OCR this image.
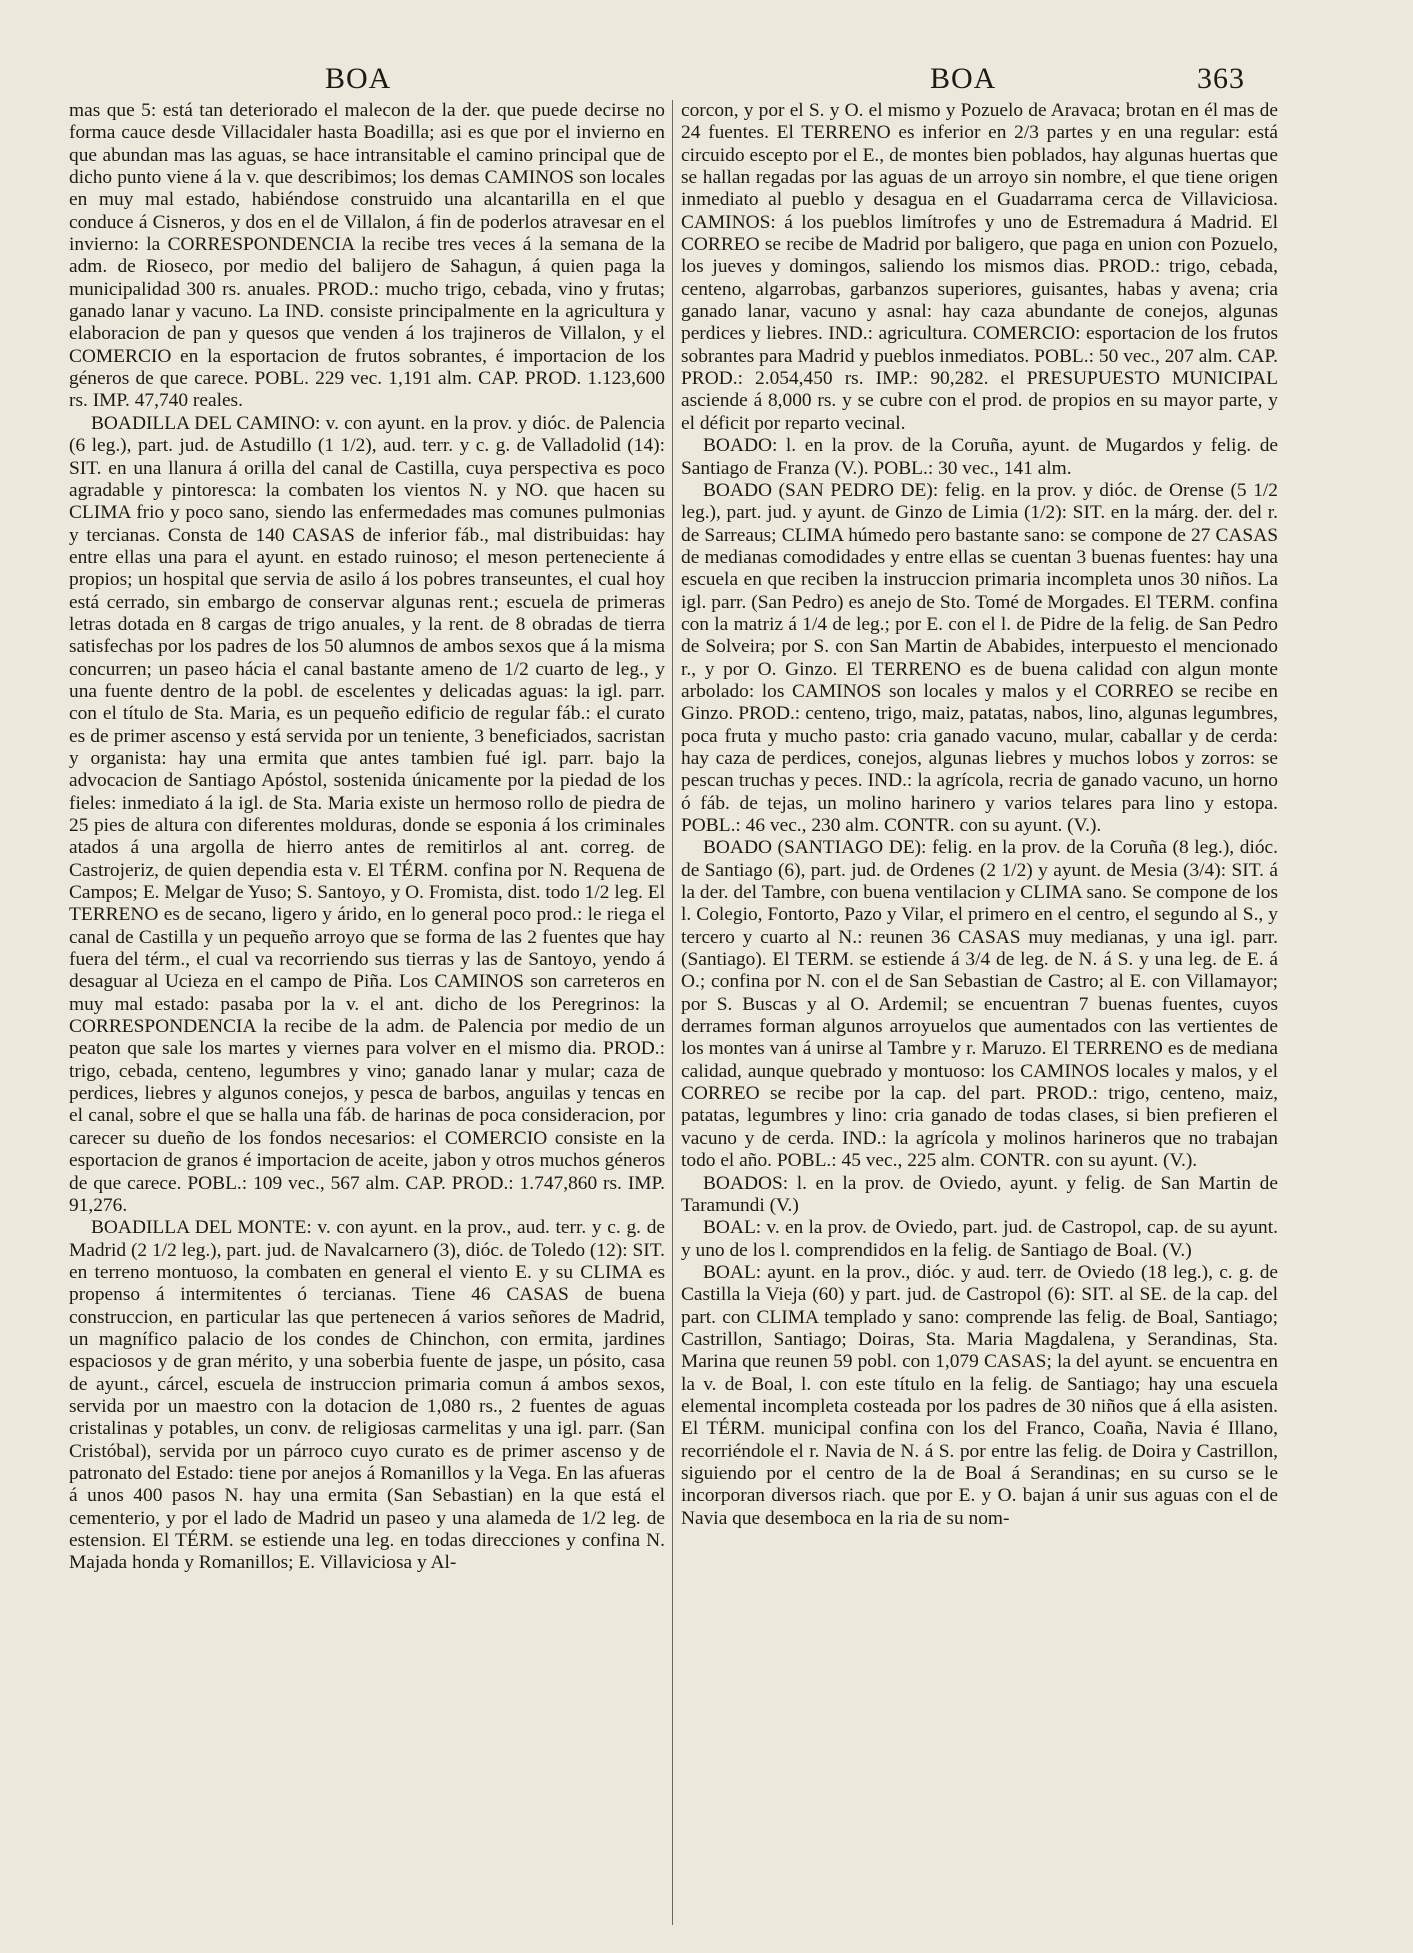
BOA	BOA	363

mas que 5: está tan deteriorado el malecon de la der. que puede decirse no forma cauce desde Villacidaler hasta Boadilla; asi es que por el invierno en que abundan mas las aguas, se hace intransitable el camino principal que de dicho punto viene á la v. que describimos; los demas CAMINOS son locales en muy mal estado, habiéndose construido una alcantarilla en el que conduce á Cisneros, y dos en el de Villalon, á fin de poderlos atravesar en el invierno: la CORRESPONDENCIA la recibe tres veces á la semana de la adm. de Rioseco, por medio del balijero de Sahagun, á quien paga la municipalidad 300 rs. anuales. PROD.: mucho trigo, cebada, vino y frutas; ganado lanar y vacuno. La IND. consiste principalmente en la agricultura y elaboracion de pan y quesos que venden á los trajineros de Villalon, y el COMERCIO en la esportacion de frutos sobrantes, é importacion de los géneros de que carece. POBL. 229 vec. 1,191 alm. CAP. PROD. 1.123,600 rs. IMP. 47,740 reales.

BOADILLA DEL CAMINO: v. con ayunt. en la prov. y dióc. de Palencia (6 leg.), part. jud. de Astudillo (1 1/2), aud. terr. y c. g. de Valladolid (14): SIT. en una llanura á orilla del canal de Castilla, cuya perspectiva es poco agradable y pintoresca: la combaten los vientos N. y NO. que hacen su CLIMA frio y poco sano, siendo las enfermedades mas comunes pulmonias y tercianas. Consta de 140 CASAS de inferior fáb., mal distribuidas: hay entre ellas una para el ayunt. en estado ruinoso; el meson perteneciente á propios; un hospital que servia de asilo á los pobres transeuntes, el cual hoy está cerrado, sin embargo de conservar algunas rent.; escuela de primeras letras dotada en 8 cargas de trigo anuales, y la rent. de 8 obradas de tierra satisfechas por los padres de los 50 alumnos de ambos sexos que á la misma concurren; un paseo hácia el canal bastante ameno de 1/2 cuarto de leg., y una fuente dentro de la pobl. de escelentes y delicadas aguas: la igl. parr. con el título de Sta. Maria, es un pequeño edificio de regular fáb.: el curato es de primer ascenso y está servida por un teniente, 3 beneficiados, sacristan y organista: hay una ermita que antes tambien fué igl. parr. bajo la advocacion de Santiago Apóstol, sostenida únicamente por la piedad de los fieles: inmediato á la igl. de Sta. Maria existe un hermoso rollo de piedra de 25 pies de altura con diferentes molduras, donde se esponia á los criminales atados á una argolla de hierro antes de remitirlos al ant. correg. de Castrojeriz, de quien dependia esta v. El TÉRM. confina por N. Requena de Campos; E. Melgar de Yuso; S. Santoyo, y O. Fromista, dist. todo 1/2 leg. El TERRENO es de secano, ligero y árido, en lo general poco prod.: le riega el canal de Castilla y un pequeño arroyo que se forma de las 2 fuentes que hay fuera del térm., el cual va recorriendo sus tierras y las de Santoyo, yendo á desaguar al Ucieza en el campo de Piña. Los CAMINOS son carreteros en muy mal estado: pasaba por la v. el ant. dicho de los Peregrinos: la CORRESPONDENCIA la recibe de la adm. de Palencia por medio de un peaton que sale los martes y viernes para volver en el mismo dia. PROD.: trigo, cebada, centeno, legumbres y vino; ganado lanar y mular; caza de perdices, liebres y algunos conejos, y pesca de barbos, anguilas y tencas en el canal, sobre el que se halla una fáb. de harinas de poca consideracion, por carecer su dueño de los fondos necesarios: el COMERCIO consiste en la esportacion de granos é importacion de aceite, jabon y otros muchos géneros de que carece. POBL.: 109 vec., 567 alm. CAP. PROD.: 1.747,860 rs. IMP. 91,276.

BOADILLA DEL MONTE: v. con ayunt. en la prov., aud. terr. y c. g. de Madrid (2 1/2 leg.), part. jud. de Navalcarnero (3), dióc. de Toledo (12): SIT. en terreno montuoso, la combaten en general el viento E. y su CLIMA es propenso á intermitentes ó tercianas. Tiene 46 CASAS de buena construccion, en particular las que pertenecen á varios señores de Madrid, un magnífico palacio de los condes de Chinchon, con ermita, jardines espaciosos y de gran mérito, y una soberbia fuente de jaspe, un pósito, casa de ayunt., cárcel, escuela de instruccion primaria comun á ambos sexos, servida por un maestro con la dotacion de 1,080 rs., 2 fuentes de aguas cristalinas y potables, un conv. de religiosas carmelitas y una igl. parr. (San Cristóbal), servida por un párroco cuyo curato es de primer ascenso y de patronato del Estado: tiene por anejos á Romanillos y la Vega. En las afueras á unos 400 pasos N. hay una ermita (San Sebastian) en la que está el cementerio, y por el lado de Madrid un paseo y una alameda de 1/2 leg. de estension. El TÉRM. se estiende una leg. en todas direcciones y confina N. Majada honda y Romanillos; E. Villaviciosa y Al-

corcon, y por el S. y O. el mismo y Pozuelo de Aravaca; brotan en él mas de 24 fuentes. El TERRENO es inferior en 2/3 partes y en una regular: está circuido escepto por el E., de montes bien poblados, hay algunas huertas que se hallan regadas por las aguas de un arroyo sin nombre, el que tiene origen inmediato al pueblo y desagua en el Guadarrama cerca de Villaviciosa. CAMINOS: á los pueblos limítrofes y uno de Estremadura á Madrid. El CORREO se recibe de Madrid por baligero, que paga en union con Pozuelo, los jueves y domingos, saliendo los mismos dias. PROD.: trigo, cebada, centeno, algarrobas, garbanzos superiores, guisantes, habas y avena; cria ganado lanar, vacuno y asnal: hay caza abundante de conejos, algunas perdices y liebres. IND.: agricultura. COMERCIO: esportacion de los frutos sobrantes para Madrid y pueblos inmediatos. POBL.: 50 vec., 207 alm. CAP. PROD.: 2.054,450 rs. IMP.: 90,282. el PRESUPUESTO MUNICIPAL asciende á 8,000 rs. y se cubre con el prod. de propios en su mayor parte, y el déficit por reparto vecinal.

BOADO: l. en la prov. de la Coruña, ayunt. de Mugardos y felig. de Santiago de Franza (V.). POBL.: 30 vec., 141 alm.

BOADO (SAN PEDRO DE): felig. en la prov. y dióc. de Orense (5 1/2 leg.), part. jud. y ayunt. de Ginzo de Limia (1/2): SIT. en la márg. der. del r. de Sarreaus; CLIMA húmedo pero bastante sano: se compone de 27 CASAS de medianas comodidades y entre ellas se cuentan 3 buenas fuentes: hay una escuela en que reciben la instruccion primaria incompleta unos 30 niños. La igl. parr. (San Pedro) es anejo de Sto. Tomé de Morgades. El TERM. confina con la matriz á 1/4 de leg.; por E. con el l. de Pidre de la felig. de San Pedro de Solveira; por S. con San Martin de Ababides, interpuesto el mencionado r., y por O. Ginzo. El TERRENO es de buena calidad con algun monte arbolado: los CAMINOS son locales y malos y el CORREO se recibe en Ginzo. PROD.: centeno, trigo, maiz, patatas, nabos, lino, algunas legumbres, poca fruta y mucho pasto: cria ganado vacuno, mular, caballar y de cerda: hay caza de perdices, conejos, algunas liebres y muchos lobos y zorros: se pescan truchas y peces. IND.: la agrícola, recria de ganado vacuno, un horno ó fáb. de tejas, un molino harinero y varios telares para lino y estopa. POBL.: 46 vec., 230 alm. CONTR. con su ayunt. (V.).

BOADO (SANTIAGO DE): felig. en la prov. de la Coruña (8 leg.), dióc. de Santiago (6), part. jud. de Ordenes (2 1/2) y ayunt. de Mesia (3/4): SIT. á la der. del Tambre, con buena ventilacion y CLIMA sano. Se compone de los l. Colegio, Fontorto, Pazo y Vilar, el primero en el centro, el segundo al S., y tercero y cuarto al N.: reunen 36 CASAS muy medianas, y una igl. parr. (Santiago). El TERM. se estiende á 3/4 de leg. de N. á S. y una leg. de E. á O.; confina por N. con el de San Sebastian de Castro; al E. con Villamayor; por S. Buscas y al O. Ardemil; se encuentran 7 buenas fuentes, cuyos derrames forman algunos arroyuelos que aumentados con las vertientes de los montes van á unirse al Tambre y r. Maruzo. El TERRENO es de mediana calidad, aunque quebrado y montuoso: los CAMINOS locales y malos, y el CORREO se recibe por la cap. del part. PROD.: trigo, centeno, maiz, patatas, legumbres y lino: cria ganado de todas clases, si bien prefieren el vacuno y de cerda. IND.: la agrícola y molinos harineros que no trabajan todo el año. POBL.: 45 vec., 225 alm. CONTR. con su ayunt. (V.).

BOADOS: l. en la prov. de Oviedo, ayunt. y felig. de San Martin de Taramundi (V.)

BOAL: v. en la prov. de Oviedo, part. jud. de Castropol, cap. de su ayunt. y uno de los l. comprendidos en la felig. de Santiago de Boal. (V.)

BOAL: ayunt. en la prov., dióc. y aud. terr. de Oviedo (18 leg.), c. g. de Castilla la Vieja (60) y part. jud. de Castropol (6): SIT. al SE. de la cap. del part. con CLIMA templado y sano: comprende las felig. de Boal, Santiago; Castrillon, Santiago; Doiras, Sta. Maria Magdalena, y Serandinas, Sta. Marina que reunen 59 pobl. con 1,079 CASAS; la del ayunt. se encuentra en la v. de Boal, l. con este título en la felig. de Santiago; hay una escuela elemental incompleta costeada por los padres de 30 niños que á ella asisten. El TÉRM. municipal confina con los del Franco, Coaña, Navia é Illano, recorriéndole el r. Navia de N. á S. por entre las felig. de Doira y Castrillon, siguiendo por el centro de la de Boal á Serandinas; en su curso se le incorporan diversos riach. que por E. y O. bajan á unir sus aguas con el de Navia que desemboca en la ria de su nom-
